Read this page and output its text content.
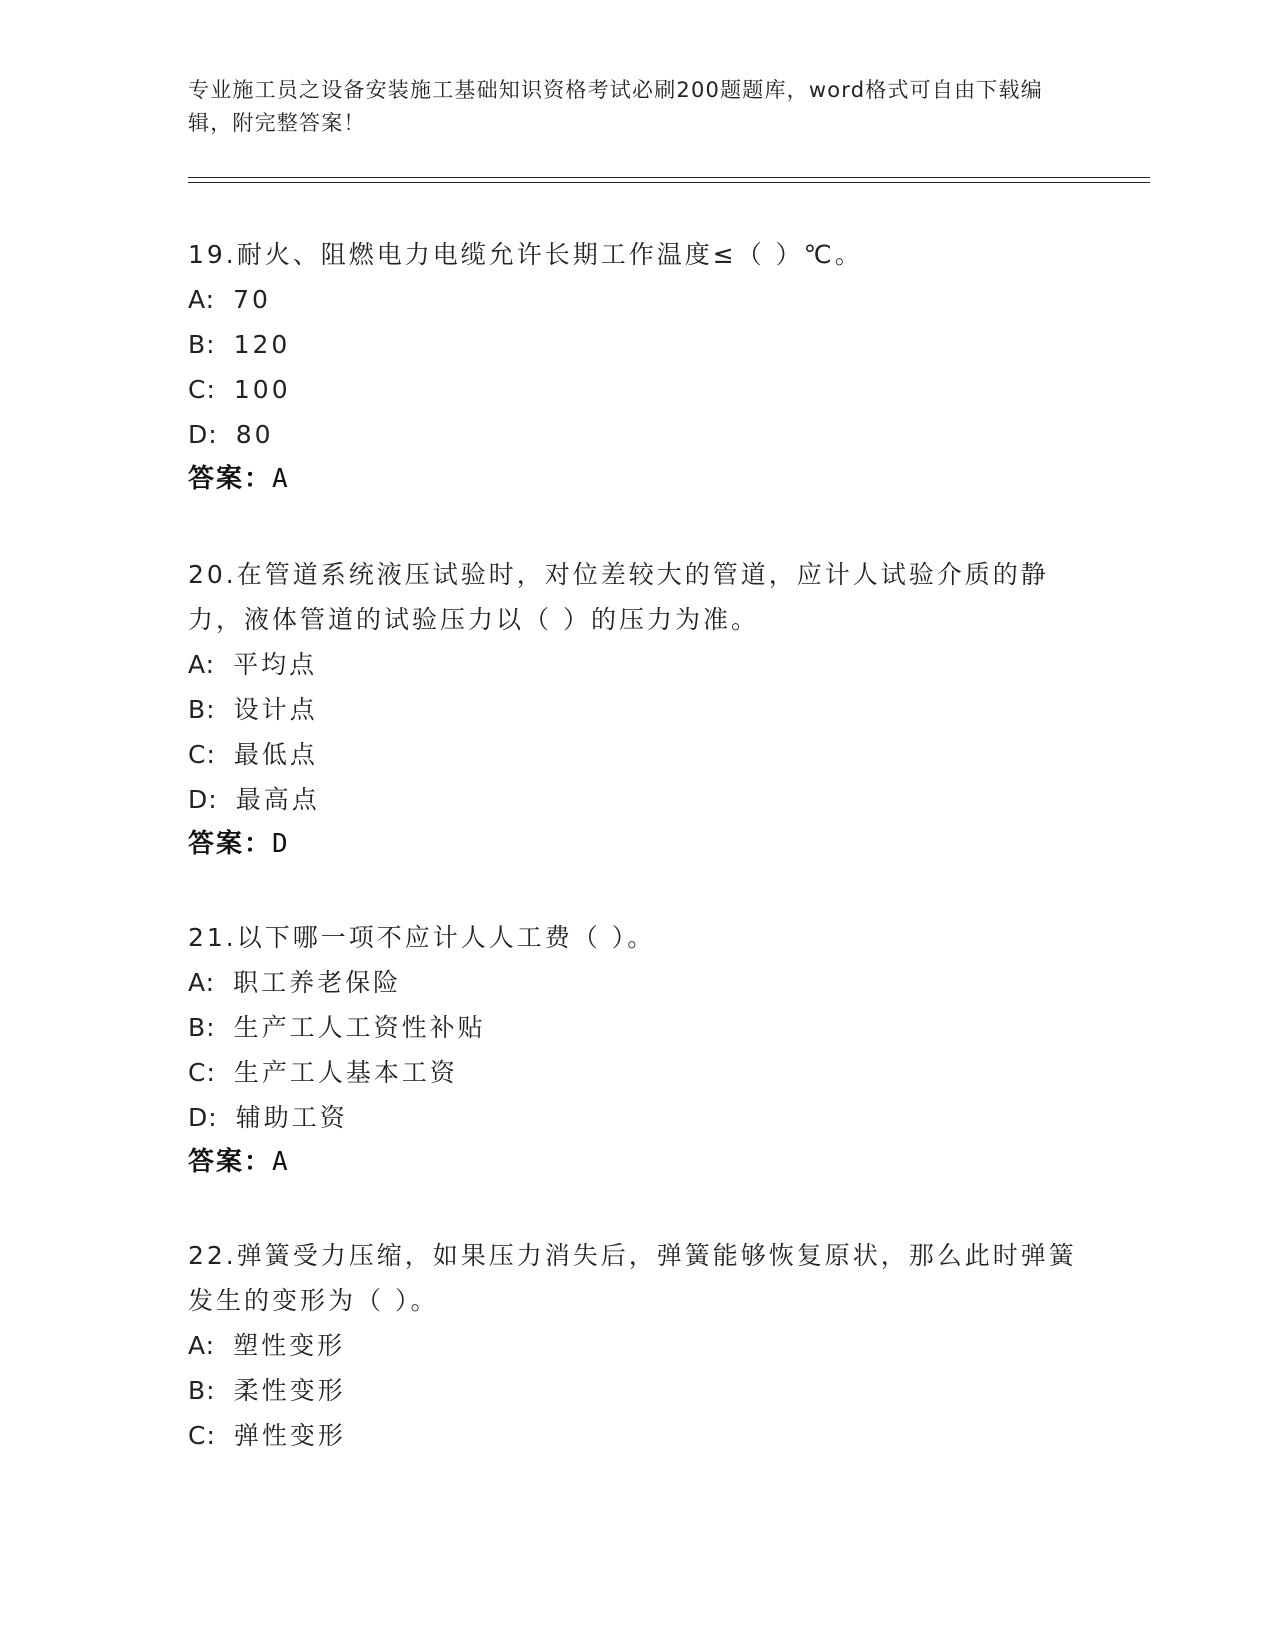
专业施工员之设备安装施工基础知识资格考试必刷200题题库，word格式可自由下载编辑，附完整答案！

19.耐火、阻燃电力电缆允许长期工作温度≤（ ）℃。

A: 70

B: 120

C: 100

D: 80

答案：A

20.在管道系统液压试验时，对位差较大的管道，应计人试验介质的静力，液体管道的试验压力以（ ）的压力为准。

A: 平均点

B: 设计点

C: 最低点

D: 最高点

答案：D

21.以下哪一项不应计人人工费（ ）。

A: 职工养老保险

B: 生产工人工资性补贴

C: 生产工人基本工资

D: 辅助工资

答案：A

22.弹簧受力压缩，如果压力消失后，弹簧能够恢复原状，那么此时弹簧发生的变形为（ ）。

A: 塑性变形

B: 柔性变形

C: 弹性变形
